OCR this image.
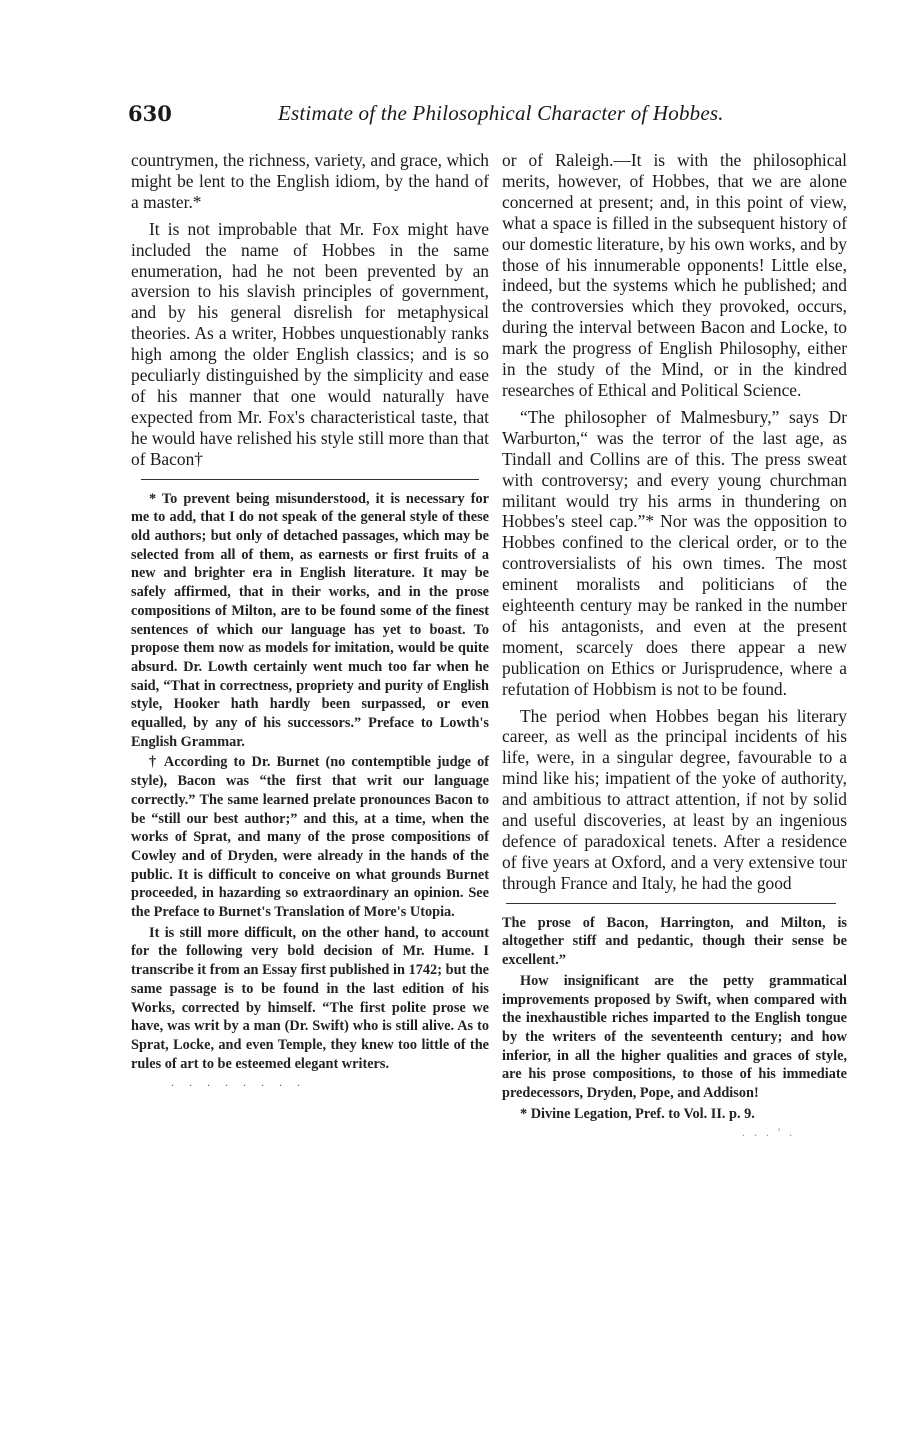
630	Estimate of the Philosophical Character of Hobbes.

countrymen, the richness, variety, and grace, which might be lent to the English idiom, by the hand of a master.*

It is not improbable that Mr. Fox might have included the name of Hobbes in the same enumeration, had he not been prevented by an aversion to his slavish principles of government, and by his general disrelish for metaphysical theories. As a writer, Hobbes unquestionably ranks high among the older English classics; and is so peculiarly distinguished by the simplicity and ease of his manner that one would naturally have expected from Mr. Fox's characteristical taste, that he would have relished his style still more than that of Bacon†

* To prevent being misunderstood, it is necessary for me to add, that I do not speak of the general style of these old authors; but only of detached passages, which may be selected from all of them, as earnests or first fruits of a new and brighter era in English literature. It may be safely affirmed, that in their works, and in the prose compositions of Milton, are to be found some of the finest sentences of which our language has yet to boast. To propose them now as models for imitation, would be quite absurd. Dr. Lowth certainly went much too far when he said, “That in correctness, propriety and purity of English style, Hooker hath hardly been surpassed, or even equalled, by any of his successors.” Preface to Lowth's English Grammar.

† According to Dr. Burnet (no contemptible judge of style), Bacon was “the first that writ our language correctly.” The same learned prelate pronounces Bacon to be “still our best author;” and this, at a time, when the works of Sprat, and many of the prose compositions of Cowley and of Dryden, were already in the hands of the public. It is difficult to conceive on what grounds Burnet proceeded, in hazarding so extraordinary an opinion. See the Preface to Burnet's Translation of More's Utopia.

It is still more difficult, on the other hand, to account for the following very bold decision of Mr. Hume. I transcribe it from an Essay first published in 1742; but the same passage is to be found in the last edition of his Works, corrected by himself. “The first polite prose we have, was writ by a man (Dr. Swift) who is still alive. As to Sprat, Locke, and even Temple, they knew too little of the rules of art to be esteemed elegant writers.

. . . . . . . .

or of Raleigh.—It is with the philosophical merits, however, of Hobbes, that we are alone concerned at present; and, in this point of view, what a space is filled in the subsequent history of our domestic literature, by his own works, and by those of his innumerable opponents! Little else, indeed, but the systems which he published; and the controversies which they provoked, occurs, during the interval between Bacon and Locke, to mark the progress of English Philosophy, either in the study of the Mind, or in the kindred researches of Ethical and Political Science.

“The philosopher of Malmesbury,” says Dr Warburton,“ was the terror of the last age, as Tindall and Collins are of this. The press sweat with controversy; and every young churchman militant would try his arms in thundering on Hobbes's steel cap.”* Nor was the opposition to Hobbes confined to the clerical order, or to the controversialists of his own times. The most eminent moralists and politicians of the eighteenth century may be ranked in the number of his antagonists, and even at the present moment, scarcely does there appear a new publication on Ethics or Jurisprudence, where a refutation of Hobbism is not to be found.

The period when Hobbes began his literary career, as well as the principal incidents of his life, were, in a singular degree, favourable to a mind like his; impatient of the yoke of authority, and ambitious to attract attention, if not by solid and useful discoveries, at least by an ingenious defence of paradoxical tenets. After a residence of five years at Oxford, and a very extensive tour through France and Italy, he had the good

The prose of Bacon, Harrington, and Milton, is altogether stiff and pedantic, though their sense be excellent.”

How insignificant are the petty grammatical improvements proposed by Swift, when compared with the inexhaustible riches imparted to the English tongue by the writers of the seventeenth century; and how inferior, in all the higher qualities and graces of style, are his prose compositions, to those of his immediate predecessors, Dryden, Pope, and Addison!

* Divine Legation, Pref. to Vol. II. p. 9.

. . . ' .
